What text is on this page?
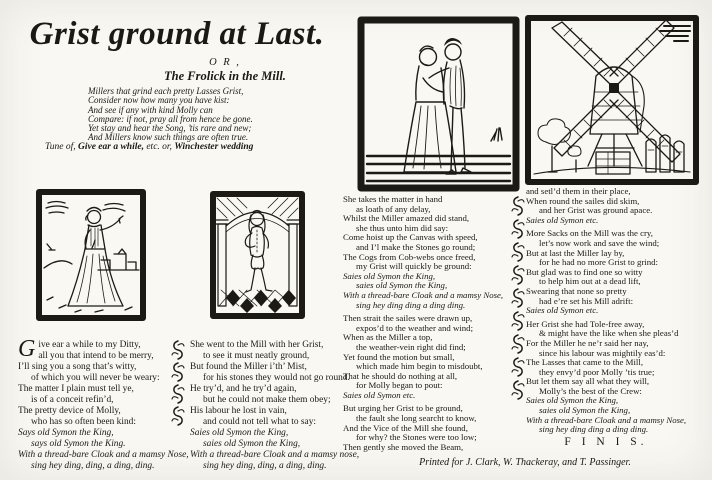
Grist ground at Last.
O R ,
The Frolick in the Mill.
Millers that grind each pretty Lasses Grist,
Consider now how many you have kist:
And see if any with kind Molly can
Compare: if not, pray all from hence be gone.
Yet stay and hear the Song, ’tis rare and new;
And Millers know such things are often true.
Tune of, Give ear a while, etc. or, Winchester wedding
G ive ear a while to my Ditty,
all you that intend to be merry,
I’ll sing you a song that’s witty,
of which you will never be weary:
The matter I plain must tell ye,
is of a conceit refin’d,
The pretty device of Molly,
who has so often been kind:
Says old Symon the King,
says old Symon the King.
With a thread-bare Cloak and a mamsy Nose,
sing hey ding, ding, a ding, ding.
She went to the Mill with her Grist,
to see it must neatly ground,
But found the Miller i’th’ Mist,
for his stones they would not go round.
He try’d, and he try’d again,
but he could not make them obey;
His labour he lost in vain,
and could not tell what to say:
Saies old Symon the King,
saies old Symon the King,
With a thread-bare Cloak and a mamsy nose,
sing hey ding, ding, a ding, ding.
She takes the matter in hand
as loath of any delay,
Whilst the Miller amazed did stand,
she thus unto him did say:
Come hoist up the Canvas with speed,
and I’l make the Stones go round;
The Cogs from Cob-webs once freed,
my Grist will quickly be ground:
Saies old Symon the King,
saies old Symon the King,
With a thread-bare Cloak and a mamsy Nose,
sing hey ding ding a ding ding.
Then strait the sailes were drawn up,
expos’d to the weather and wind;
When as the Miller a top,
the weather-vein right did find;
Yet found the motion but small,
which made him begin to misdoubt,
That he should do nothing at all,
for Molly began to pout:
Saies old Symon etc.
But urging her Grist to be ground,
the fault she long searcht to know,
And the Vice of the Mill she found,
for why? the Stones were too low;
Then gently she moved the Beam,
and setl’d them in their place,
When round the sailes did skim,
and her Grist was ground apace.
Saies old Symon etc.
More Sacks on the Mill was the cry,
let’s now work and save the wind;
But at last the Miller lay by,
for he had no more Grist to grind:
But glad was to find one so witty
to help him out at a dead lift,
Swearing that none so pretty
had e’re set his Mill adrift:
Saies old Symon etc.
Her Grist she had Tole-free away,
& might have the like when she pleas’d
For the Miller he ne’r said her nay,
since his labour was mightily eas’d:
The Lasses that came to the Mill,
they envy’d poor Molly ’tis true;
But let them say all what they will,
Molly’s the best of the Crew:
Saies old Symon the King,
saies old Symon the King,
With a thread-bare Cloak and a mamsy Nose,
sing hey ding ding a ding ding.
F I N I S.
Printed for J. Clark, W. Thackeray, and T. Passinger.
